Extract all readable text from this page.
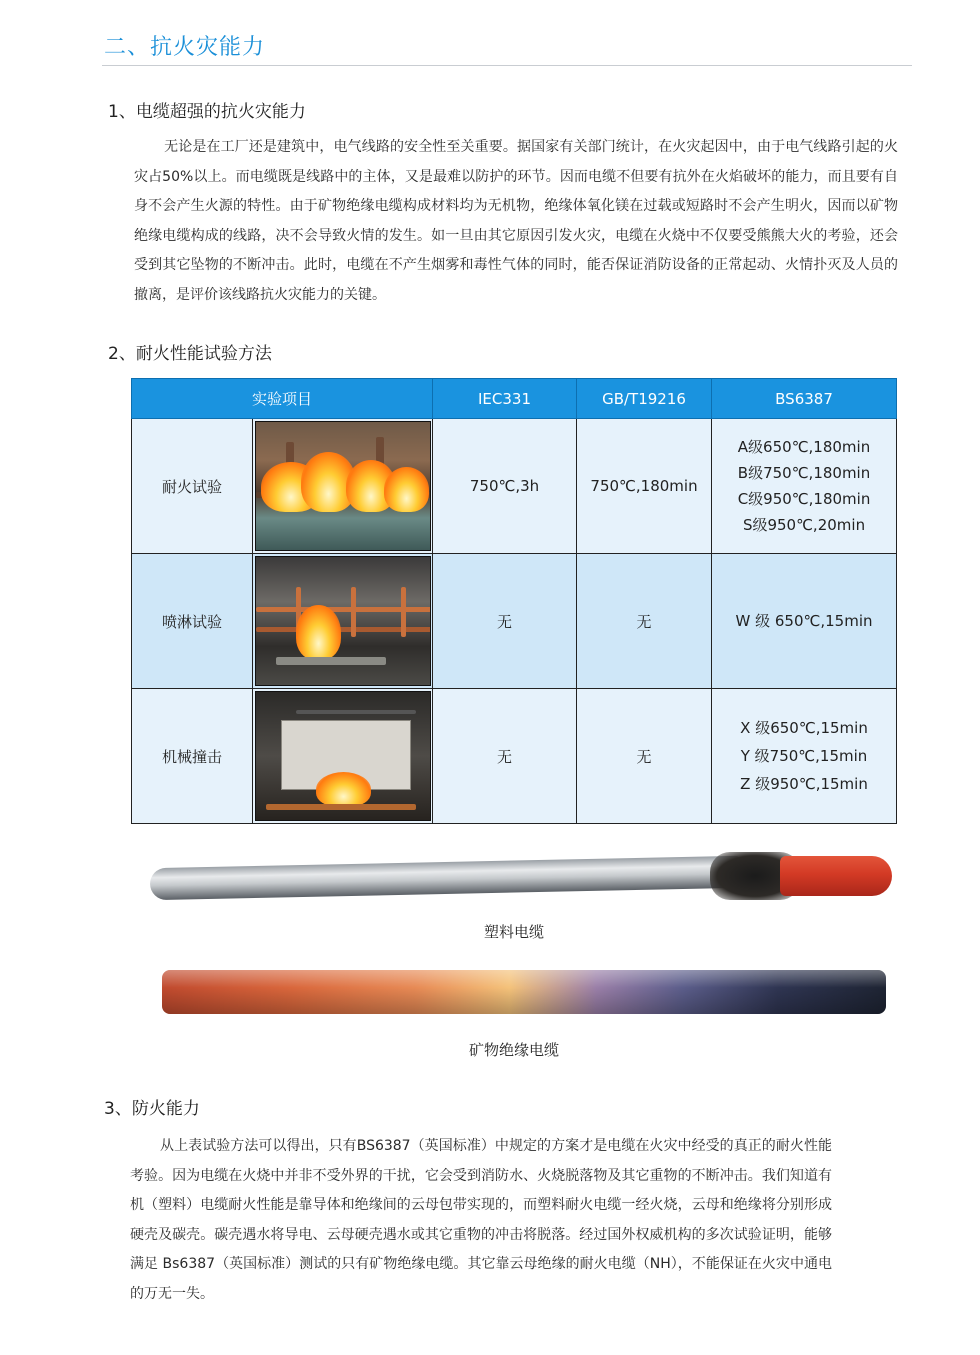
二、抗火灾能力
1、电缆超强的抗火灾能力
无论是在工厂还是建筑中，电气线路的安全性至关重要。据国家有关部门统计，在火灾起因中，由于电气线路引起的火灾占50%以上。而电缆既是线路中的主体，又是最难以防护的环节。因而电缆不但要有抗外在火焰破坏的能力，而且要有自身不会产生火源的特性。由于矿物绝缘电缆构成材料均为无机物，绝缘体氧化镁在过载或短路时不会产生明火，因而以矿物绝缘电缆构成的线路，决不会导致火情的发生。如一旦由其它原因引发火灾，电缆在火烧中不仅要受熊熊大火的考验，还会受到其它坠物的不断冲击。此时，电缆在不产生烟雾和毒性气体的同时，能否保证消防设备的正常起动、火情扑灭及人员的撤离，是评价该线路抗火灾能力的关键。
2、耐火性能试验方法
实验项目		IEC331	GB/T19216	BS6387
耐火试验		750℃,3h	750℃,180min	A级650℃,180min
B级750℃,180min
C级950℃,180min
S级950℃,20min

喷淋试验		无	无	W 级 650℃,15min

机械撞击		无	无	X 级650℃,15min
Y 级750℃,15min
Z 级950℃,15min
塑料电缆
矿物绝缘电缆
3、防火能力
从上表试验方法可以得出，只有BS6387（英国标准）中规定的方案才是电缆在火灾中经受的真正的耐火性能考验。因为电缆在火烧中并非不受外界的干扰，它会受到消防水、火烧脱落物及其它重物的不断冲击。我们知道有机（塑料）电缆耐火性能是靠导体和绝缘间的云母包带实现的，而塑料耐火电缆一经火烧，云母和绝缘将分别形成硬壳及碳壳。碳壳遇水将导电、云母硬壳遇水或其它重物的冲击将脱落。经过国外权威机构的多次试验证明，能够满足 Bs6387（英国标准）测试的只有矿物绝缘电缆。其它靠云母绝缘的耐火电缆（NH），不能保证在火灾中通电的万无一失。
